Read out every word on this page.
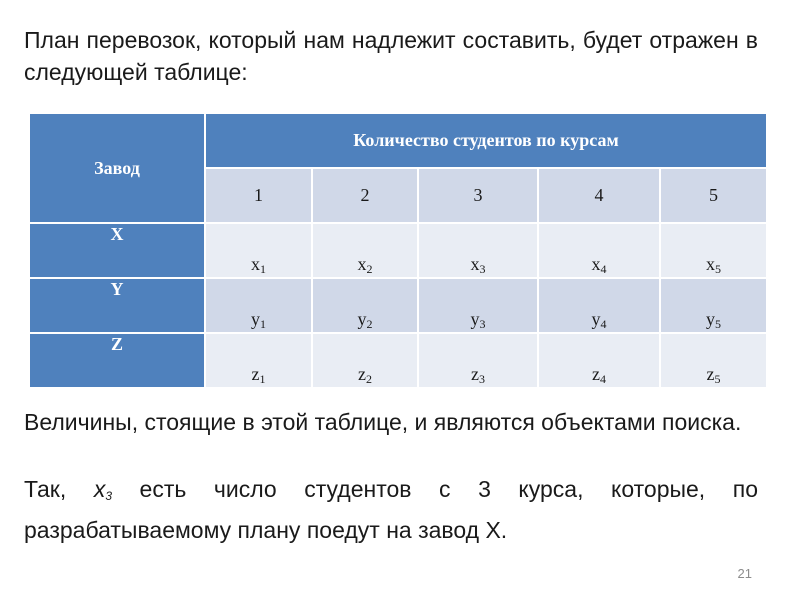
План перевозок, который нам надлежит составить, будет отражен в следующей таблице:

Завод	Количество студентов по курсам				
	1	2	3	4	5
X	$x_1$	$x_2$	$x_3$	$x_4$	$x_5$
Y	$y_1$	$y_2$	$y_3$	$y_4$	$y_5$
Z	$z_1$	$z_2$	$z_3$	$z_4$	$z_5$

Величины, стоящие в этой таблице, и являются объектами поиска.

Так, $x_3$ есть число студентов с 3 курса, которые, по разрабатываемому плану поедут на завод X.

21
